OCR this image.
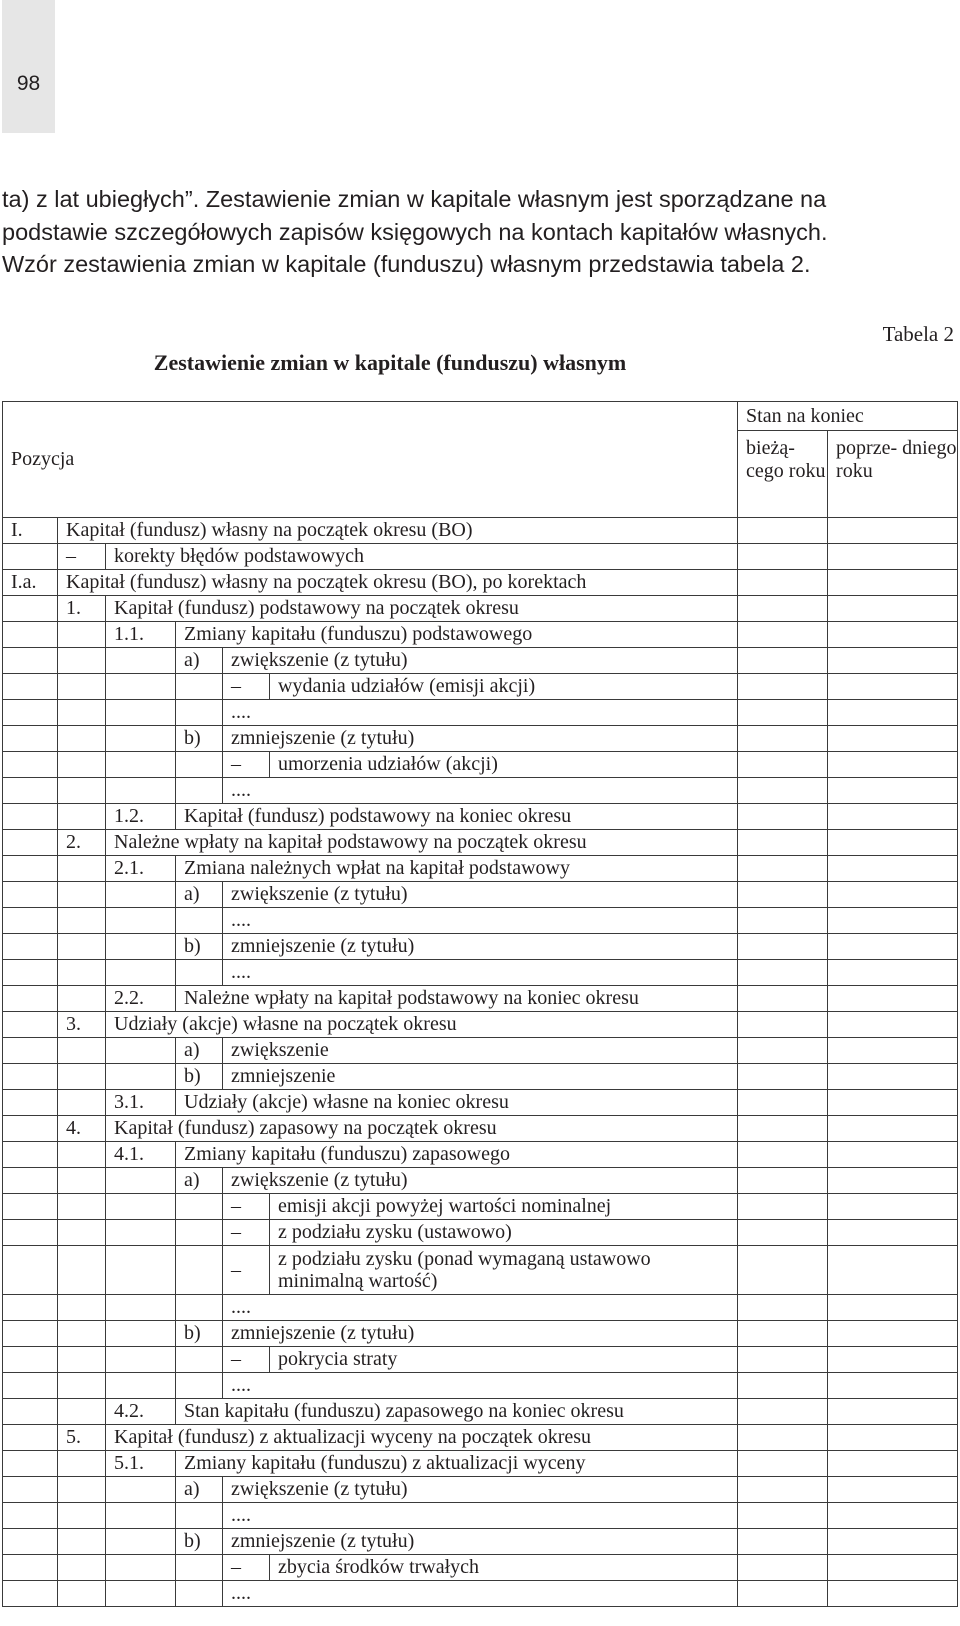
98
ta) z lat ubiegłych”. Zestawienie zmian w kapitale własnym jest sporządzane na
podstawie szczegółowych zapisów księgowych na kontach kapitałów własnych.
Wzór zestawienia zmian w kapitale (funduszu) własnym przedstawia tabela 2.
Tabela 2
Zestawienie zmian w kapitale (funduszu) własnym
Pozycja						Stan na koniec	
						bieżą- cego roku	poprze- dniego roku
I.	Kapitał (fundusz) własny na początek okresu (BO)						
	–	korekty błędów podstawowych					
I.a.	Kapitał (fundusz) własny na początek okresu (BO), po korektach						
	1.	Kapitał (fundusz) podstawowy na początek okresu					
		1.1.	Zmiany kapitału (funduszu) podstawowego				
			a)	zwiększenie (z tytułu)			
				–	wydania udziałów (emisji akcji)		
				....			
			b)	zmniejszenie (z tytułu)			
				–	umorzenia udziałów (akcji)		
				....			
		1.2.	Kapitał (fundusz) podstawowy na koniec okresu				
	2.	Należne wpłaty na kapitał podstawowy na początek okresu					
		2.1.	Zmiana należnych wpłat na kapitał podstawowy				
			a)	zwiększenie (z tytułu)			
				....			
			b)	zmniejszenie (z tytułu)			
				....			
		2.2.	Należne wpłaty na kapitał podstawowy na koniec okresu				
	3.	Udziały (akcje) własne na początek okresu					
			a)	zwiększenie			
			b)	zmniejszenie			
		3.1.	Udziały (akcje) własne na koniec okresu				
	4.	Kapitał (fundusz) zapasowy na początek okresu					
		4.1.	Zmiany kapitału (funduszu) zapasowego				
			a)	zwiększenie (z tytułu)			
				–	emisji akcji powyżej wartości nominalnej		
				–	z podziału zysku (ustawowo)		
				–	z podziału zysku (ponad wymaganą ustawowo minimalną wartość)		
				....			
			b)	zmniejszenie (z tytułu)			
				–	pokrycia straty		
				....			
		4.2.	Stan kapitału (funduszu) zapasowego na koniec okresu				
	5.	Kapitał (fundusz) z aktualizacji wyceny na początek okresu					
		5.1.	Zmiany kapitału (funduszu) z aktualizacji wyceny				
			a)	zwiększenie (z tytułu)			
				....			
			b)	zmniejszenie (z tytułu)			
				–	zbycia środków trwałych		
				....			
